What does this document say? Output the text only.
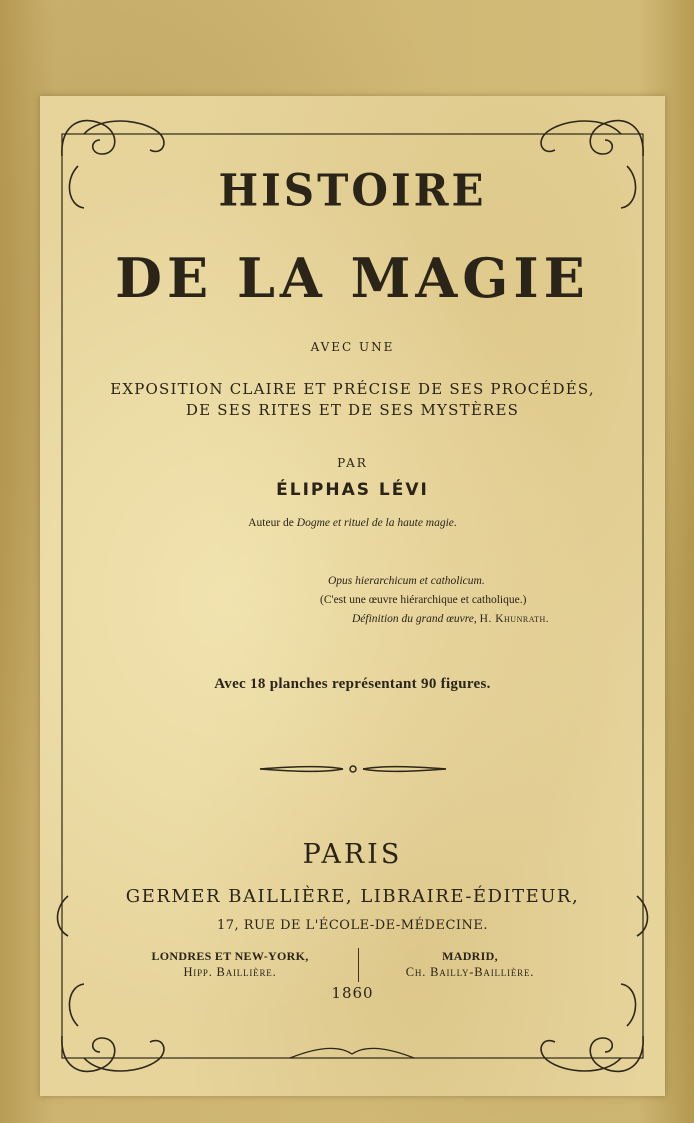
HISTOIRE
DE LA MAGIE
AVEC UNE
EXPOSITION CLAIRE ET PRÉCISE DE SES PROCÉDÉS,
DE SES RITES ET DE SES MYSTÈRES
PAR
ÉLIPHAS LÉVI
Auteur de Dogme et rituel de la haute magie.
Opus hierarchicum et catholicum.
(C'est une œuvre hiérarchique et catholique.)
Définition du grand œuvre, H. Khunrath.
Avec 18 planches représentant 90 figures.
PARIS
GERMER BAILLIÈRE, LIBRAIRE-ÉDITEUR,
17, RUE DE L'ÉCOLE-DE-MÉDECINE.
LONDRES ET NEW-YORK,
Hipp. Baillière.
MADRID,
Ch. Bailly-Baillière.
1860
